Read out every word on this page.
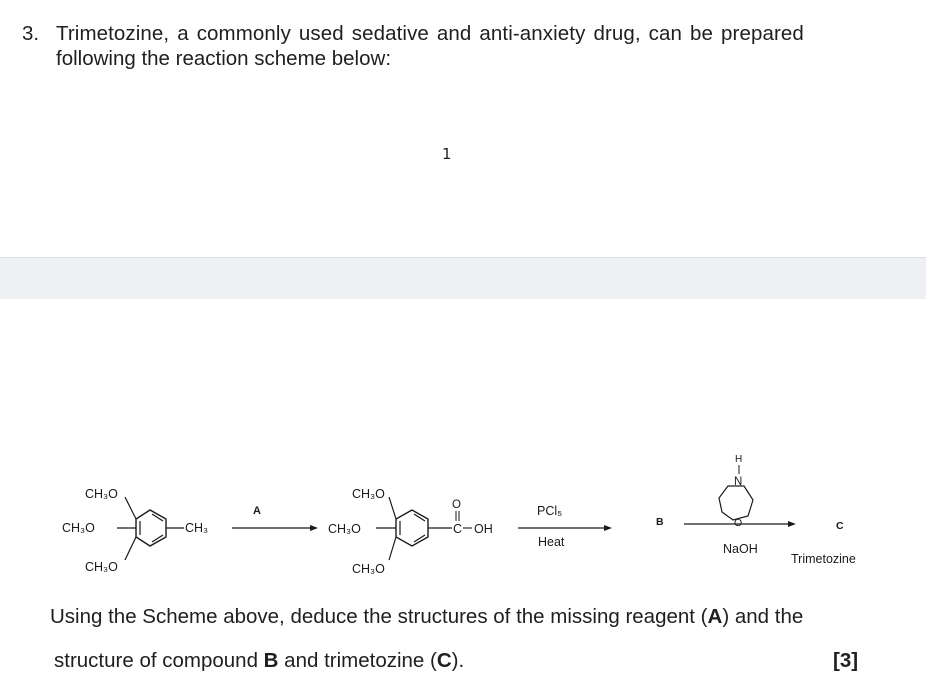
3. Trimetozine, a commonly used sedative and anti-anxiety drug, can be prepared
following the reaction scheme below:
1
CH₃O
CH₃O
CH₃O
CH₃
A
CH₃O
CH₃O
CH₃O
O
C OH
PCl₅
Heat
B
H
N
O
NaOH
C
Trimetozine
Using the Scheme above, deduce the structures of the missing reagent (A) and the
structure of compound B and trimetozine (C).	[3]
